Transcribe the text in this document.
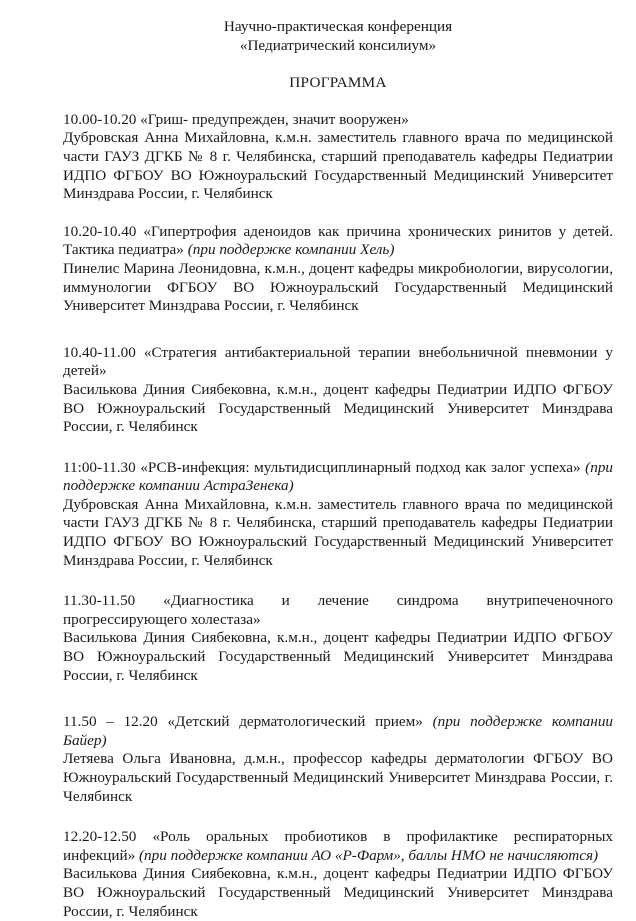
Научно-практическая конференция
«Педиатрический консилиум»
ПРОГРАММА
10.00-10.20 «Гриш- предупрежден, значит вооружен»
Дубровская Анна Михайловна, к.м.н. заместитель главного врача по медицинской части ГАУЗ ДГКБ № 8 г. Челябинска, старший преподаватель кафедры Педиатрии ИДПО ФГБОУ ВО Южноуральский Государственный Медицинский Университет Минздрава России, г. Челябинск
10.20-10.40 «Гипертрофия аденоидов как причина хронических ринитов у детей. Тактика педиатра» (при поддержке компании Хель)
Пинелис Марина Леонидовна, к.м.н., доцент кафедры микробиологии, вирусологии, иммунологии ФГБОУ ВО Южноуральский Государственный Медицинский Университет Минздрава России, г. Челябинск
10.40-11.00 «Стратегия антибактериальной терапии внебольничной пневмонии у детей»
Василькова Диния Сиябековна, к.м.н., доцент кафедры Педиатрии ИДПО ФГБОУ ВО Южноуральский Государственный Медицинский Университет Минздрава России, г. Челябинск
11:00-11.30 «РСВ-инфекция: мультидисциплинарный подход как залог успеха» (при поддержке компании АстраЗенека)
Дубровская Анна Михайловна, к.м.н. заместитель главного врача по медицинской части ГАУЗ ДГКБ № 8 г. Челябинска, старший преподаватель кафедры Педиатрии ИДПО ФГБОУ ВО Южноуральский Государственный Медицинский Университет Минздрава России, г. Челябинск
11.30-11.50 «Диагностика и лечение синдрома внутрипеченочного прогрессирующего холестаза»
Василькова Диния Сиябековна, к.м.н., доцент кафедры Педиатрии ИДПО ФГБОУ ВО Южноуральский Государственный Медицинский Университет Минздрава России, г. Челябинск
11.50 – 12.20 «Детский дерматологический прием» (при поддержке компании Байер)
Летяева Ольга Ивановна, д.м.н., профессор кафедры дерматологии ФГБОУ ВО Южноуральский Государственный Медицинский Университет Минздрава России, г. Челябинск
12.20-12.50 «Роль оральных пробиотиков в профилактике респираторных инфекций» (при поддержке компании АО «Р-Фарм», баллы НМО не начисляются)
Василькова Диния Сиябековна, к.м.н., доцент кафедры Педиатрии ИДПО ФГБОУ ВО Южноуральский Государственный Медицинский Университет Минздрава России, г. Челябинск
